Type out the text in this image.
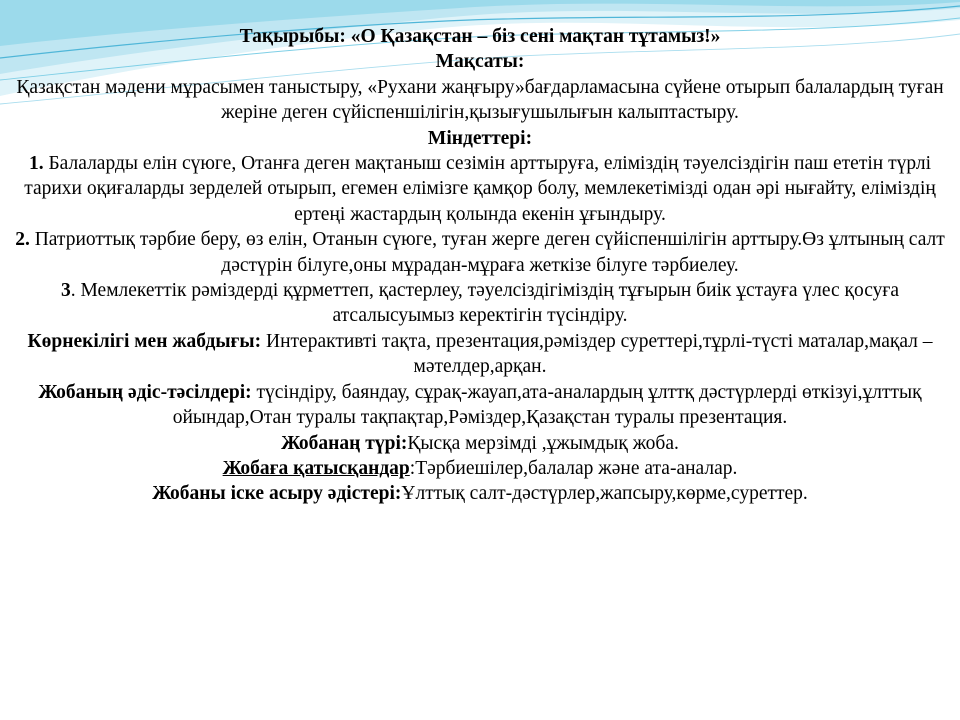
Тақырыбы: «О Қазақстан – біз сені мақтан тұтамыз!»

Мақсаты:

Қазақстан мәдени мұрасымен таныстыру, «Рухани жаңғыру»бағдарламасына сүйене отырып балалардың туған жеріне деген сүйіспеншілігін,қызығушылығын калыптастыру.

Міндеттері:

1. Балаларды елін сүюге, Отанға деген мақтаныш сезімін арттыруға, еліміздің тәуелсіздігін паш ететін түрлі тарихи оқиғаларды зерделей отырып, егемен елімізге қамқор болу, мемлекетімізді одан әрі нығайту, еліміздің ертеңі жастардың қолында екенін ұғындыру.

2. Патриоттық тәрбие беру, өз елін, Отанын сүюге, туған жерге деген сүйіспеншілігін арттыру.Өз ұлтының салт дәстүрін білуге,оны мұрадан-мұраға жеткізе білуге тәрбиелеу.

3. Мемлекеттік рәміздерді құрметтеп, қастерлеу, тәуелсіздігіміздің тұғырын биік ұстауға үлес қосуға атсалысуымыз керектігін түсіндіру.

Көрнекілігі мен жабдығы: Интерактивті тақта, презентация,рәміздер суреттері,тұрлі-түсті маталар,мақал – мәтелдер,арқан.

Жобаның әдіс-тәсілдері: түсіндіру, баяндау, сұрақ-жауап,ата-аналардың ұлттқ дәстүрлерді өткізуі,ұлттық ойындар,Отан туралы тақпақтар,Рәміздер,Қазақстан туралы презентация.

Жобанаң түрі:Қысқа мерзімді ,ұжымдық жоба.

Жобаға қатысқандар:Тәрбиешілер,балалар және ата-аналар.

Жобаны іске асыру әдістері:Ұлттық салт-дәстүрлер,жапсыру,көрме,суреттер.
